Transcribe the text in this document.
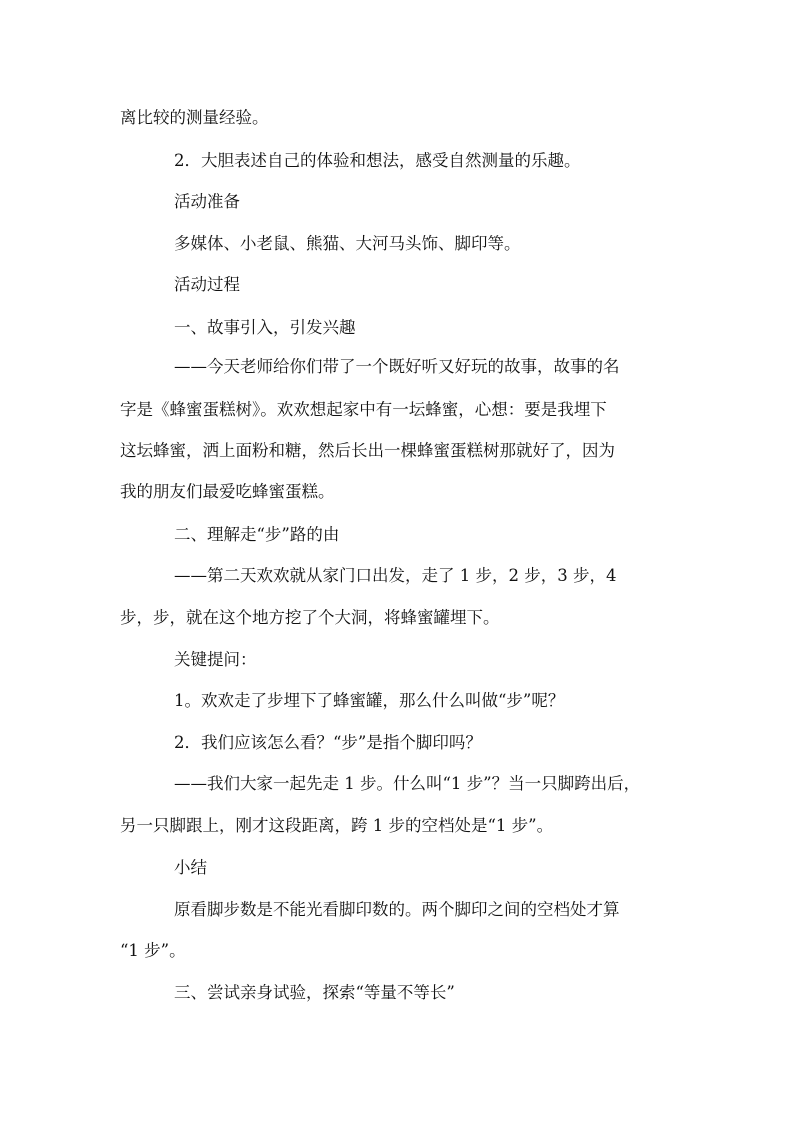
离比较的测量经验。

2．大胆表述自己的体验和想法，感受自然测量的乐趣。

活动准备

多媒体、小老鼠、熊猫、大河马头饰、脚印等。

活动过程

一、故事引入，引发兴趣

——今天老师给你们带了一个既好听又好玩的故事，故事的名

字是《蜂蜜蛋糕树》。欢欢想起家中有一坛蜂蜜，心想：要是我埋下

这坛蜂蜜，洒上面粉和糖，然后长出一棵蜂蜜蛋糕树那就好了，因为

我的朋友们最爱吃蜂蜜蛋糕。

二、理解走“步”路的由

——第二天欢欢就从家门口出发，走了 1 步，2 步，3 步，4

步，步，就在这个地方挖了个大洞，将蜂蜜罐埋下。

关键提问：

1。欢欢走了步埋下了蜂蜜罐，那么什么叫做“步”呢？

2．我们应该怎么看？“步”是指个脚印吗？

——我们大家一起先走 1 步。什么叫“1 步”？当一只脚跨出后，

另一只脚跟上，刚才这段距离，跨 1 步的空档处是“1 步”。

小结

原看脚步数是不能光看脚印数的。两个脚印之间的空档处才算

“1 步”。

三、尝试亲身试验，探索“等量不等长”
